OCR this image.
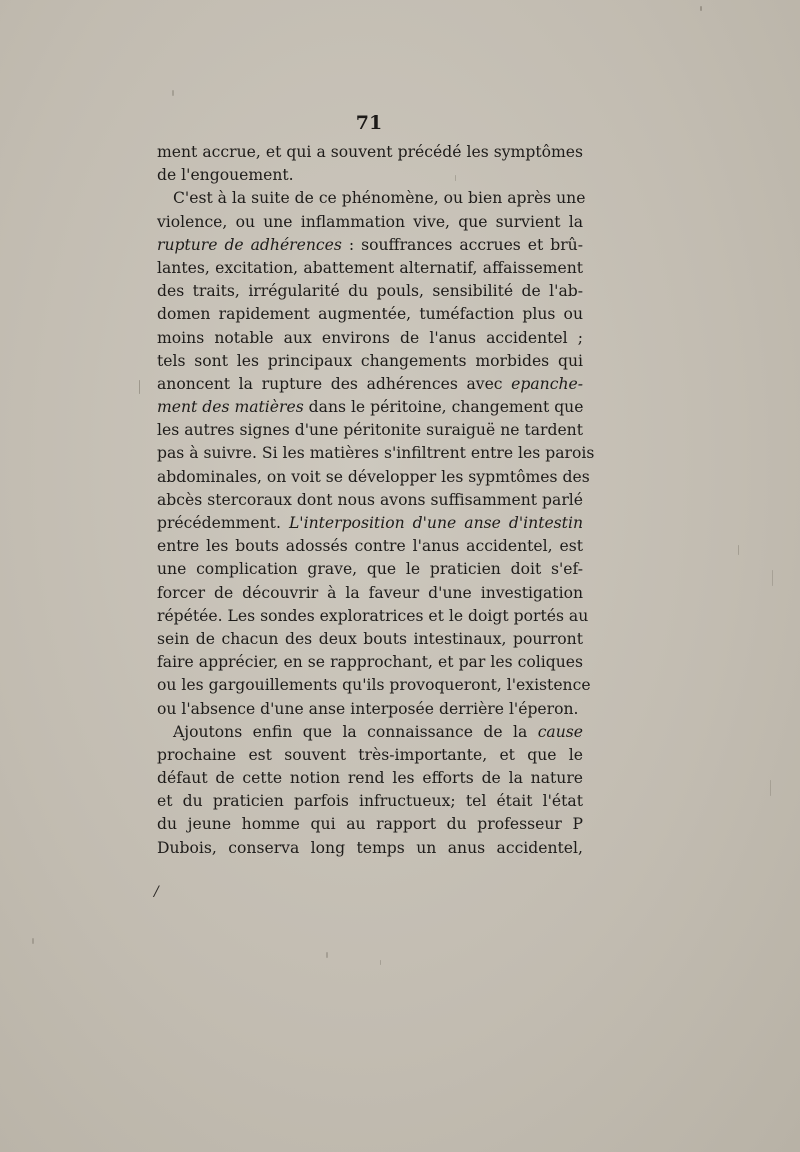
71
ment accrue, et qui a souvent précédé les symptômes
de l'engouement.
C'est à la suite de ce phénomène, ou bien après une
violence, ou une inflammation vive, que survient la
rupture de adhérences : souffrances accrues et brû-
lantes, excitation, abattement alternatif, affaissement
des traits, irrégularité du pouls, sensibilité de l'ab-
domen rapidement augmentée, tuméfaction plus ou
moins notable aux environs de l'anus accidentel ;
tels sont les principaux changements morbides qui
anoncent la rupture des adhérences avec epanche-
ment des matières dans le péritoine, changement que
les autres signes d'une péritonite suraiguë ne tardent
pas à suivre. Si les matières s'infiltrent entre les parois
abdominales, on voit se développer les sypmtômes des
abcès stercoraux dont nous avons suffisamment parlé
précédemment. L'interposition d'une anse d'intestin
entre les bouts adossés contre l'anus accidentel, est
une complication grave, que le praticien doit s'ef-
forcer de découvrir à la faveur d'une investigation
répétée. Les sondes exploratrices et le doigt portés au
sein de chacun des deux bouts intestinaux, pourront
faire apprécier, en se rapprochant, et par les coliques
ou les gargouillements qu'ils provoqueront, l'existence
ou l'absence d'une anse interposée derrière l'éperon.
Ajoutons enfin que la connaissance de la cause
prochaine est souvent très-importante, et que le
défaut de cette notion rend les efforts de la nature
et du praticien parfois infructueux; tel était l'état
du jeune homme qui au rapport du professeur P
Dubois, conserva long temps un anus accidentel,
/
